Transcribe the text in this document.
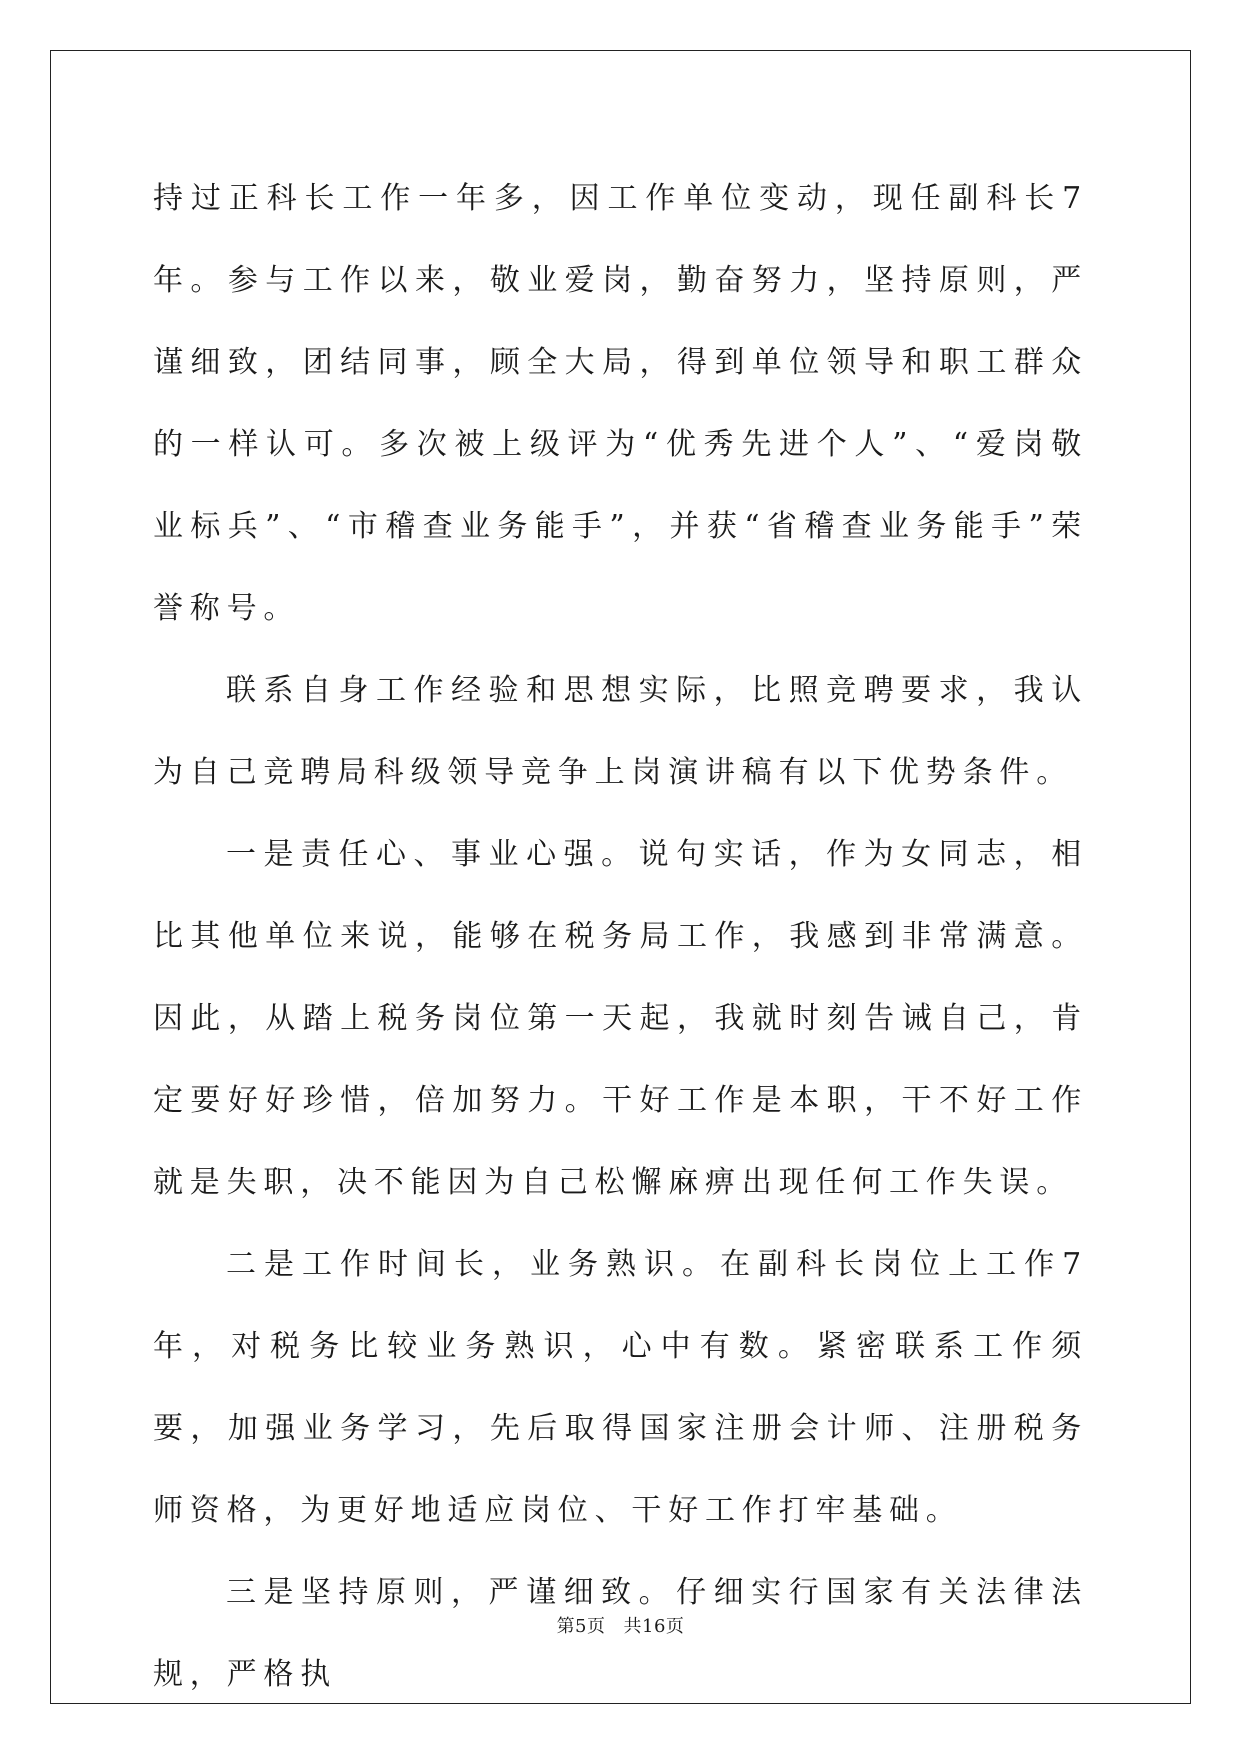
持过正科长工作一年多，因工作单位变动，现任副科长7年。参与工作以来，敬业爱岗，勤奋努力，坚持原则，严谨细致，团结同事，顾全大局，得到单位领导和职工群众的一样认可。多次被上级评为“优秀先进个人”、“爱岗敬业标兵”、“市稽查业务能手”，并获“省稽查业务能手”荣誉称号。

联系自身工作经验和思想实际，比照竞聘要求，我认为自己竞聘局科级领导竞争上岗演讲稿有以下优势条件。

一是责任心、事业心强。说句实话，作为女同志，相比其他单位来说，能够在税务局工作，我感到非常满意。因此，从踏上税务岗位第一天起，我就时刻告诫自己，肯定要好好珍惜，倍加努力。干好工作是本职，干不好工作就是失职，决不能因为自己松懈麻痹出现任何工作失误。

二是工作时间长，业务熟识。在副科长岗位上工作7年，对税务比较业务熟识，心中有数。紧密联系工作须要，加强业务学习，先后取得国家注册会计师、注册税务师资格，为更好地适应岗位、干好工作打牢基础。

三是坚持原则，严谨细致。仔细实行国家有关法律法规，严格执

第5页 共16页
